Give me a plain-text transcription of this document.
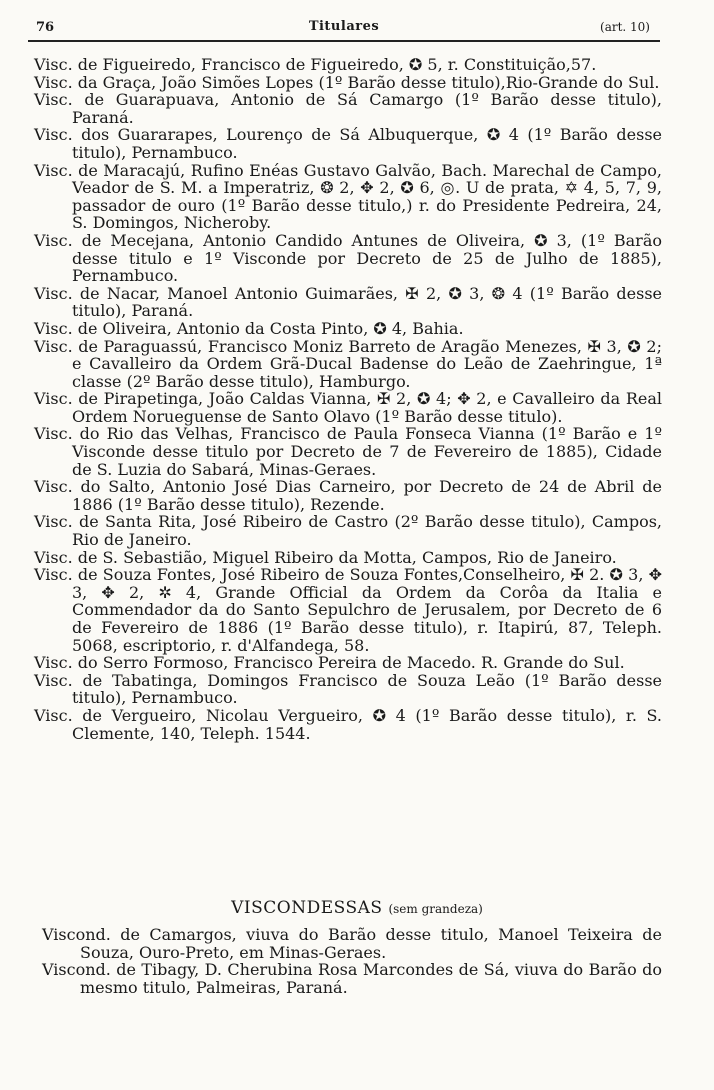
76	Titulares	(art. 10)

Visc. de Figueiredo, Francisco de Figueiredo, ✪ 5, r. Constituição,57.

Visc. da Graça, João Simões Lopes (1º Barão desse titulo),Rio-Grande do Sul.

Visc. de Guarapuava, Antonio de Sá Camargo (1º Barão desse titulo), Paraná.

Visc. dos Guararapes, Lourenço de Sá Albuquerque, ✪ 4 (1º Barão desse titulo), Pernambuco.

Visc. de Maracajú, Rufino Enéas Gustavo Galvão, Bach. Marechal de Campo, Veador de S. M. a Imperatriz, ❂ 2, ✥ 2, ✪ 6, ◎. U de prata, ✡ 4, 5, 7, 9, passador de ouro (1º Barão desse titulo,) r. do Presidente Pedreira, 24, S. Domingos, Nicheroby.

Visc. de Mecejana, Antonio Candido Antunes de Oliveira, ✪ 3, (1º Barão desse titulo e 1º Visconde por Decreto de 25 de Julho de 1885), Pernambuco.

Visc. de Nacar, Manoel Antonio Guimarães, ✠ 2, ✪ 3, ❂ 4 (1º Barão desse titulo), Paraná.

Visc. de Oliveira, Antonio da Costa Pinto, ✪ 4, Bahia.

Visc. de Paraguassú, Francisco Moniz Barreto de Aragão Menezes, ✠ 3, ✪ 2; e Cavalleiro da Ordem Grã-Ducal Badense do Leão de Zaehringue, 1ª classe (2º Barão desse titulo), Hamburgo.

Visc. de Pirapetinga, João Caldas Vianna, ✠ 2, ✪ 4; ✥ 2, e Cavalleiro da Real Ordem Norueguense de Santo Olavo (1º Barão desse titulo).

Visc. do Rio das Velhas, Francisco de Paula Fonseca Vianna (1º Barão e 1º Visconde desse titulo por Decreto de 7 de Fevereiro de 1885), Cidade de S. Luzia do Sabará, Minas-Geraes.

Visc. do Salto, Antonio José Dias Carneiro, por Decreto de 24 de Abril de 1886 (1º Barão desse titulo), Rezende.

Visc. de Santa Rita, José Ribeiro de Castro (2º Barão desse titulo), Campos, Rio de Janeiro.

Visc. de S. Sebastião, Miguel Ribeiro da Motta, Campos, Rio de Janeiro.

Visc. de Souza Fontes, José Ribeiro de Souza Fontes,Conselheiro, ✠ 2. ✪ 3, ✥ 3, ✥ 2, ✲ 4, Grande Official da Ordem da Corôa da Italia e Commendador da do Santo Sepulchro de Jerusalem, por Decreto de 6 de Fevereiro de 1886 (1º Barão desse titulo), r. Itapirú, 87, Teleph. 5068, escriptorio, r. d'Alfandega, 58.

Visc. do Serro Formoso, Francisco Pereira de Macedo. R. Grande do Sul.

Visc. de Tabatinga, Domingos Francisco de Souza Leão (1º Barão desse titulo), Pernambuco.

Visc. de Vergueiro, Nicolau Vergueiro, ✪ 4 (1º Barão desse titulo), r. S. Clemente, 140, Teleph. 1544.

VISCONDESSAS (sem grandeza)

Viscond. de Camargos, viuva do Barão desse titulo, Manoel Teixeira de Souza, Ouro-Preto, em Minas-Geraes.

Viscond. de Tibagy, D. Cherubina Rosa Marcondes de Sá, viuva do Barão do mesmo titulo, Palmeiras, Paraná.
